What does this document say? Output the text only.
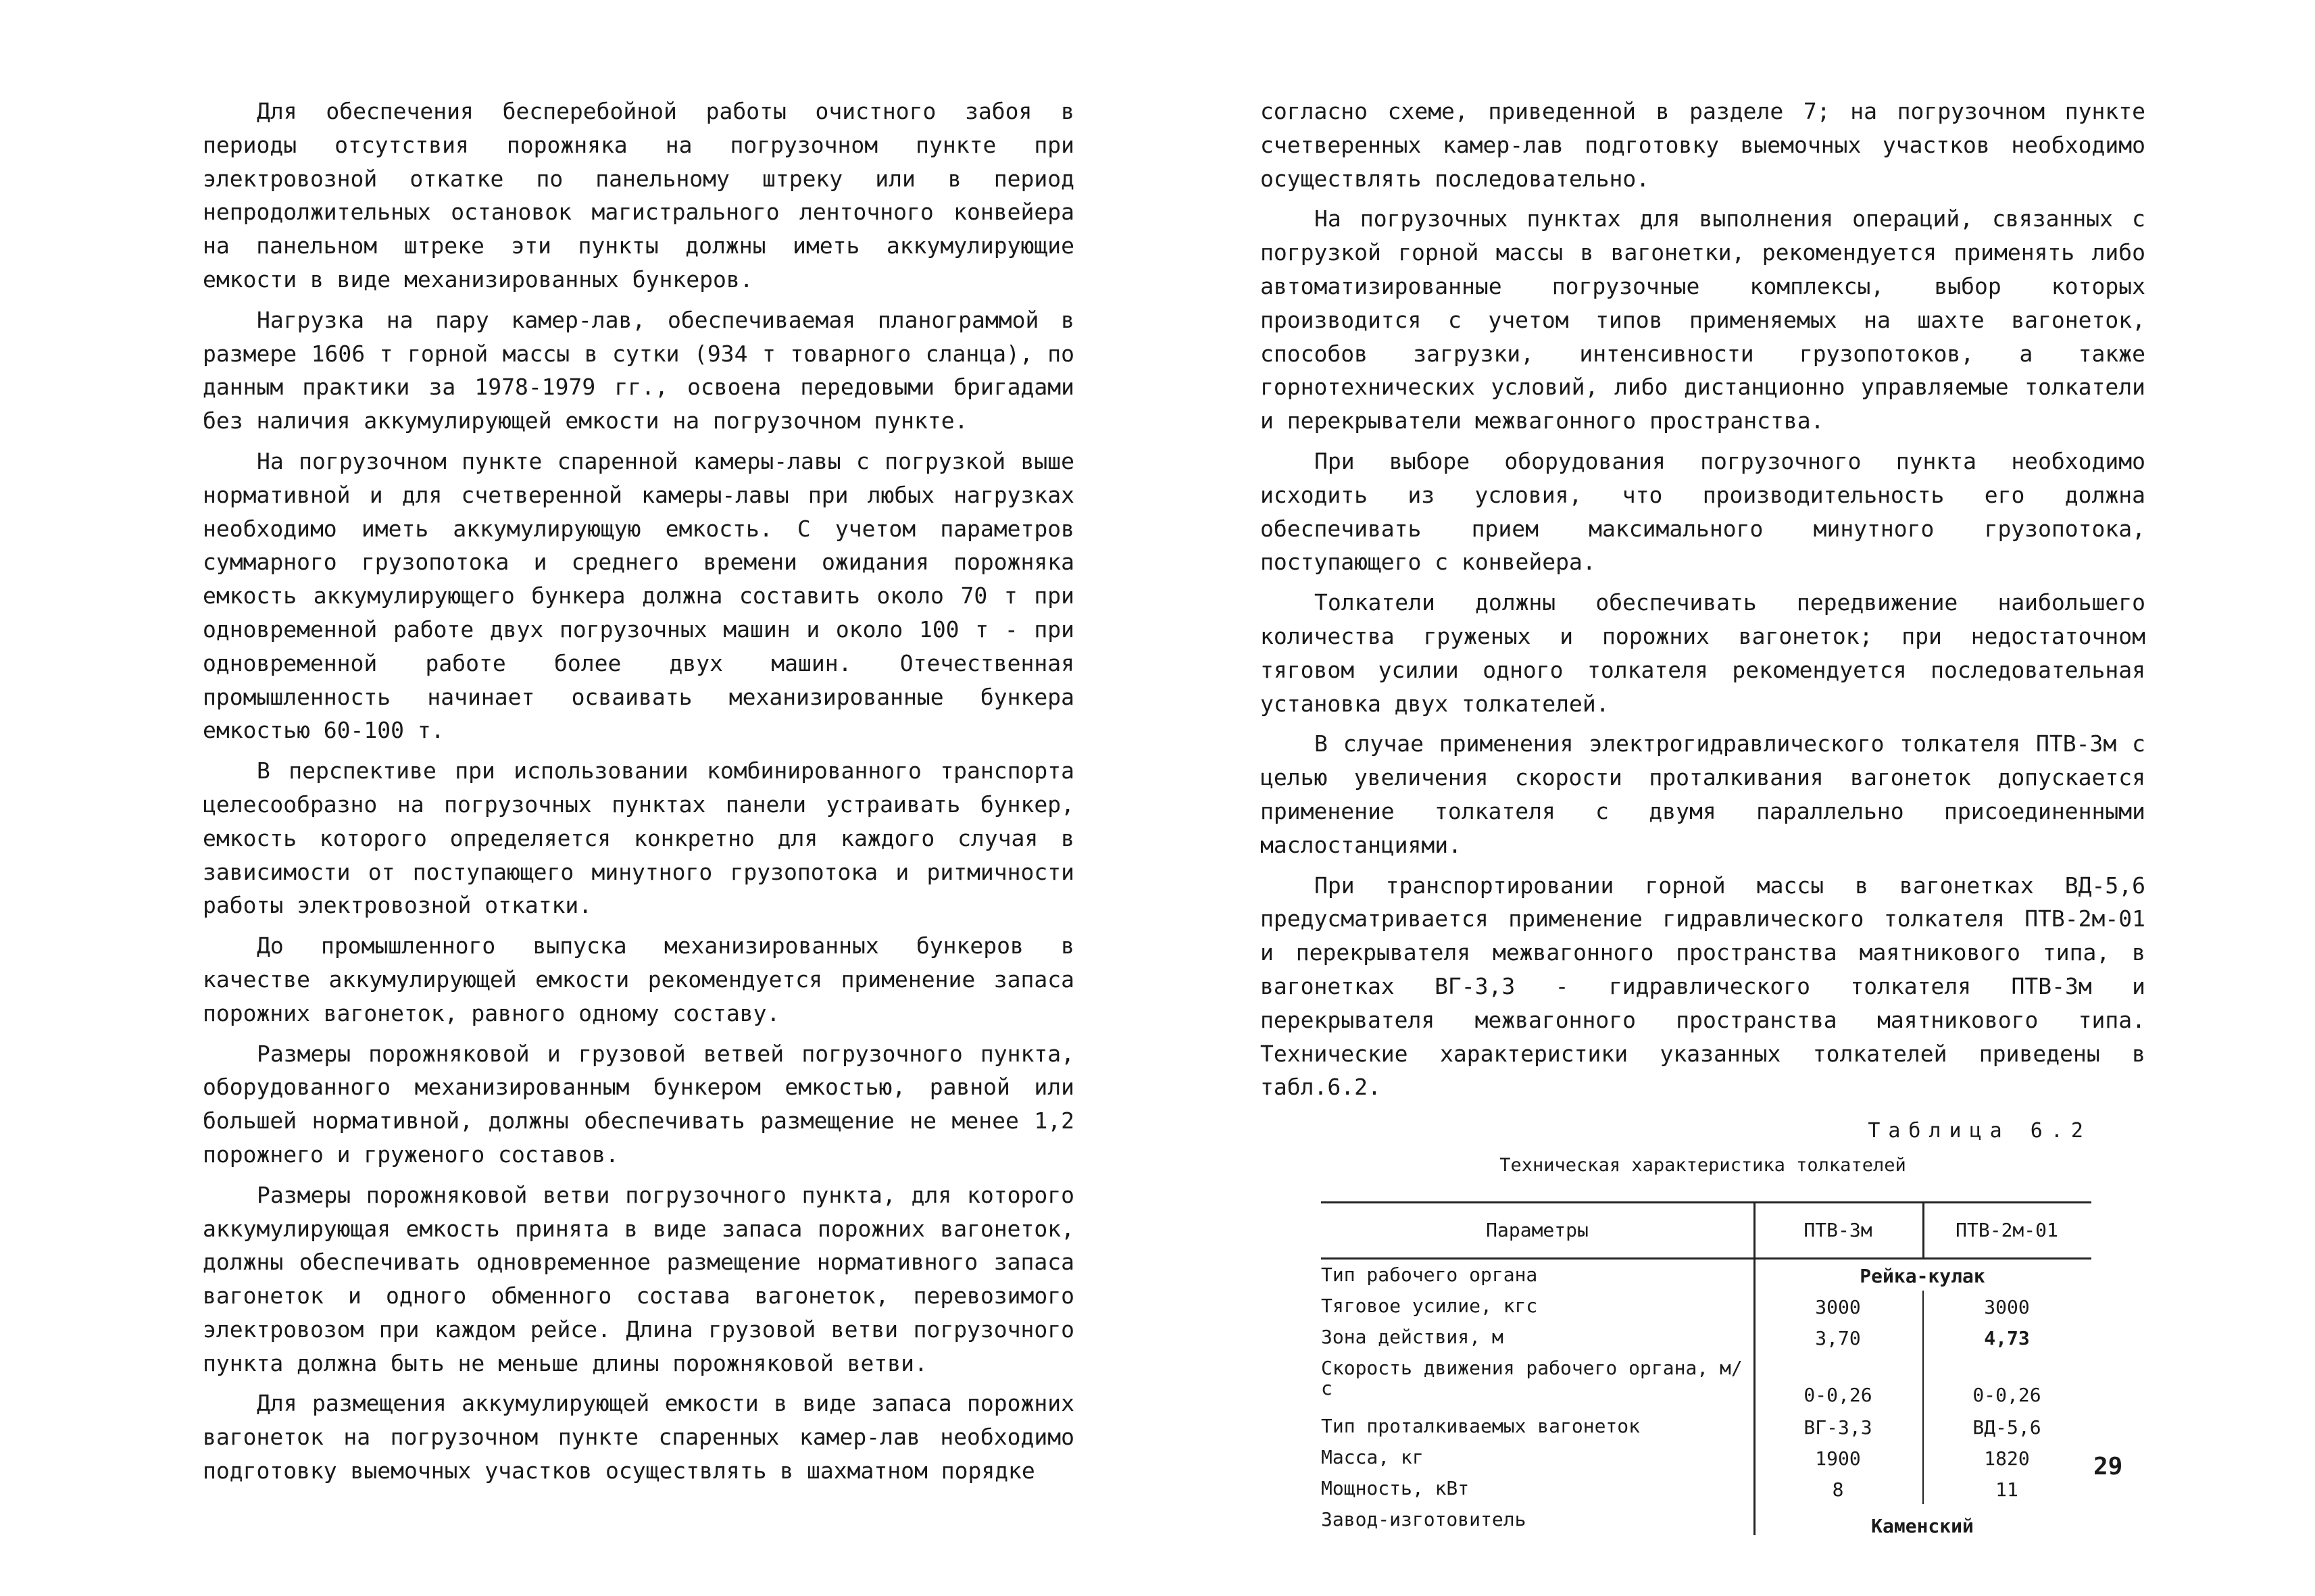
Для обеспечения бесперебойной работы очистного забоя в периоды отсутствия порожняка на погрузочном пункте при электровозной откатке по панельному штреку или в период непродолжительных остановок магистрального ленточного конвейера на панельном штреке эти пункты должны иметь аккумулирующие емкости в виде механизированных бункеров.

Нагрузка на пару камер-лав, обеспечиваемая планограммой в размере 1606 т горной массы в сутки (934 т товарного сланца), по данным практики за 1978-1979 гг., освоена передовыми бригадами без наличия аккумулирующей емкости на погрузочном пункте.

На погрузочном пункте спаренной камеры-лавы с погрузкой выше нормативной и для счетверенной камеры-лавы при любых нагрузках необходимо иметь аккумулирующую емкость. С учетом параметров суммарного грузопотока и среднего времени ожидания порожняка емкость аккумулирующего бункера должна составить около 70 т при одновременной работе двух погрузочных машин и около 100 т - при одновременной работе более двух машин. Отечественная промышленность начинает осваивать механизированные бункера емкостью 60-100 т.

В перспективе при использовании комбинированного транспорта целесообразно на погрузочных пунктах панели устраивать бункер, емкость которого определяется конкретно для каждого случая в зависимости от поступающего минутного грузопотока и ритмичности работы электровозной откатки.

До промышленного выпуска механизированных бункеров в качестве аккумулирующей емкости рекомендуется применение запаса порожних вагонеток, равного одному составу.

Размеры порожняковой и грузовой ветвей погрузочного пункта, оборудованного механизированным бункером емкостью, равной или большей нормативной, должны обеспечивать размещение не менее 1,2 порожнего и груженого составов.

Размеры порожняковой ветви погрузочного пункта, для которого аккумулирующая емкость принята в виде запаса порожних вагонеток, должны обеспечивать одновременное размещение нормативного запаса вагонеток и одного обменного состава вагонеток, перевозимого электровозом при каждом рейсе. Длина грузовой ветви погрузочного пункта должна быть не меньше длины порожняковой ветви.

Для размещения аккумулирующей емкости в виде запаса порожних вагонеток на погрузочном пункте спаренных камер-лав необходимо подготовку выемочных участков осуществлять в шахматном порядке

согласно схеме, приведенной в разделе 7; на погрузочном пункте счетверенных камер-лав подготовку выемочных участков необходимо осуществлять последовательно.

На погрузочных пунктах для выполнения операций, связанных с погрузкой горной массы в вагонетки, рекомендуется применять либо автоматизированные погрузочные комплексы, выбор которых производится с учетом типов применяемых на шахте вагонеток, способов загрузки, интенсивности грузопотоков, а также горнотехнических условий, либо дистанционно управляемые толкатели и перекрыватели межвагонного пространства.

При выборе оборудования погрузочного пункта необходимо исходить из условия, что производительность его должна обеспечивать прием максимального минутного грузопотока, поступающего с конвейера.

Толкатели должны обеспечивать передвижение наибольшего количества груженых и порожних вагонеток; при недостаточном тяговом усилии одного толкателя рекомендуется последовательная установка двух толкателей.

В случае применения электрогидравлического толкателя ПТВ-3м с целью увеличения скорости проталкивания вагонеток допускается применение толкателя с двумя параллельно присоединенными маслостанциями.

При транспортировании горной массы в вагонетках ВД-5,6 предусматривается применение гидравлического толкателя ПТВ-2м-01 и перекрывателя межвагонного пространства маятникового типа, в вагонетках ВГ-3,3 - гидравлического толкателя ПТВ-3м и перекрывателя межвагонного пространства маятникового типа. Технические характеристики указанных толкателей приведены в табл.6.2.

Таблица 6.2
Техническая характеристика толкателей
Параметры	ПТВ-3м	ПТВ-2м-01
Тип рабочего органа	Рейка-кулак
Тяговое усилие, кгс	3000	3000
Зона действия, м	3,70	4,73
Скорость движения рабочего органа, м/с	0-0,26	0-0,26
Тип проталкиваемых вагонеток	ВГ-3,3	ВД-5,6
Масса, кг	1900	1820
Мощность, кВт	8	11
Завод-изготовитель	Каменский
29
